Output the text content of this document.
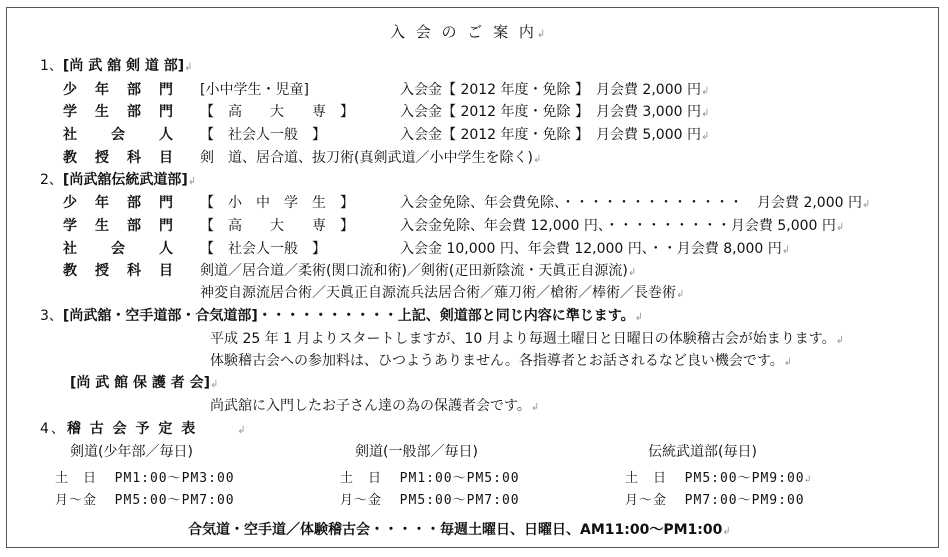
入 会 の ご 案 内↲
1、[尚 武 舘 剣 道 部]↲
少　年　部　門 [小中学生・児童]	入会金【 2012 年度・免除 】　月会費 2,000 円↲
学　生　部　門 【　高　　大　　専　】	入会金【 2012 年度・免除 】　月会費 3,000 円↲
社　　会　　人 【　社会人一般　】	入会金【 2012 年度・免除 】　月会費 5,000 円↲
教　授　科　目 剣　道、居合道、抜刀術(真剣武道／小中学生を除く)↲
2、[尚武舘伝統武道部]↲
少　年　部　門 【　小　中　学　生　】	入会金免除、年会費免除、・・・・・・・・・・・・・　月会費 2,000 円↲
学　生　部　門 【　高　　大　　専　】	入会金免除、年会費 12,000 円、・・・・・・・・・月会費 5,000 円↲
社　　会　　人 【　社会人一般　】	入会金 10,000 円、年会費 12,000 円、・・月会費 8,000 円↲
教　授　科　目 剣道／居合道／柔術(関口流和術)／剣術(疋田新陰流・天眞正自源流)↲
神変自源流居合術／天眞正自源流兵法居合術／薙刀術／槍術／棒術／長巻術↲
3、[尚武舘・空手道部・合気道部]・・・・・・・・・・上記、剣道部と同じ内容に準じます。↲
平成 25 年 1 月よりスタートしますが、10 月より毎週土曜日と日曜日の体験稽古会が始まります。↲
体験稽古会への参加料は、ひつようありません。各指導者とお話されるなど良い機会です。↲
[尚 武 館 保 護 者 会]↲
尚武舘に入門したお子さん達の為の保護者会です。↲
4、稽 古 会 予 定 表	↲
剣道(少年部／毎日)	剣道(一般部／毎日)	伝統武道部(毎日)
土　日 PM1:00〜PM3:00	土　日 PM1:00〜PM5:00	土　日 PM5:00〜PM9:00↲
月〜金 PM5:00〜PM7:00	月〜金 PM5:00〜PM7:00	月〜金 PM7:00〜PM9:00
合気道・空手道／体験稽古会・・・・・毎週土曜日、日曜日、AM11:00〜PM1:00↲
